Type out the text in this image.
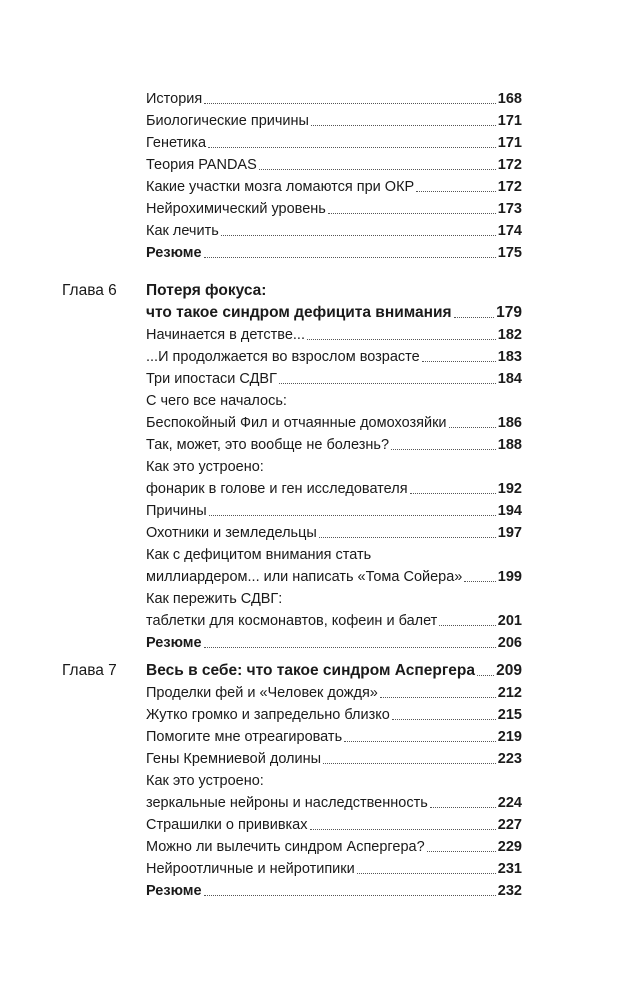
История	168
Биологические причины	171
Генетика	171
Теория PANDAS	172
Какие участки мозга ломаются при ОКР	172
Нейрохимический уровень	173
Как лечить	174
Резюме	175
Глава 6 Потеря фокуса:
что такое синдром дефицита внимания	179
Начинается в детстве...	182
...И продолжается во взрослом возрасте	183
Три ипостаси СДВГ	184
С чего все началось:
Беспокойный Фил и отчаянные домохозяйки	186
Так, может, это вообще не болезнь?	188
Как это устроено:
фонарик в голове и ген исследователя	192
Причины	194
Охотники и земледельцы	197
Как с дефицитом внимания стать
миллиардером... или написать «Тома Сойера» 199
Как пережить СДВГ:
таблетки для космонавтов, кофеин и балет	201
Резюме	206
Глава 7 Весь в себе: что такое синдром Аспергера 209
Проделки фей и «Человек дождя»	212
Жутко громко и запредельно близко	215
Помогите мне отреагировать	219
Гены Кремниевой долины	223
Как это устроено:
зеркальные нейроны и наследственность	224
Страшилки о прививках	227
Можно ли вылечить синдром Аспергера?	229
Нейроотличные и нейротипики	231
Резюме	232
